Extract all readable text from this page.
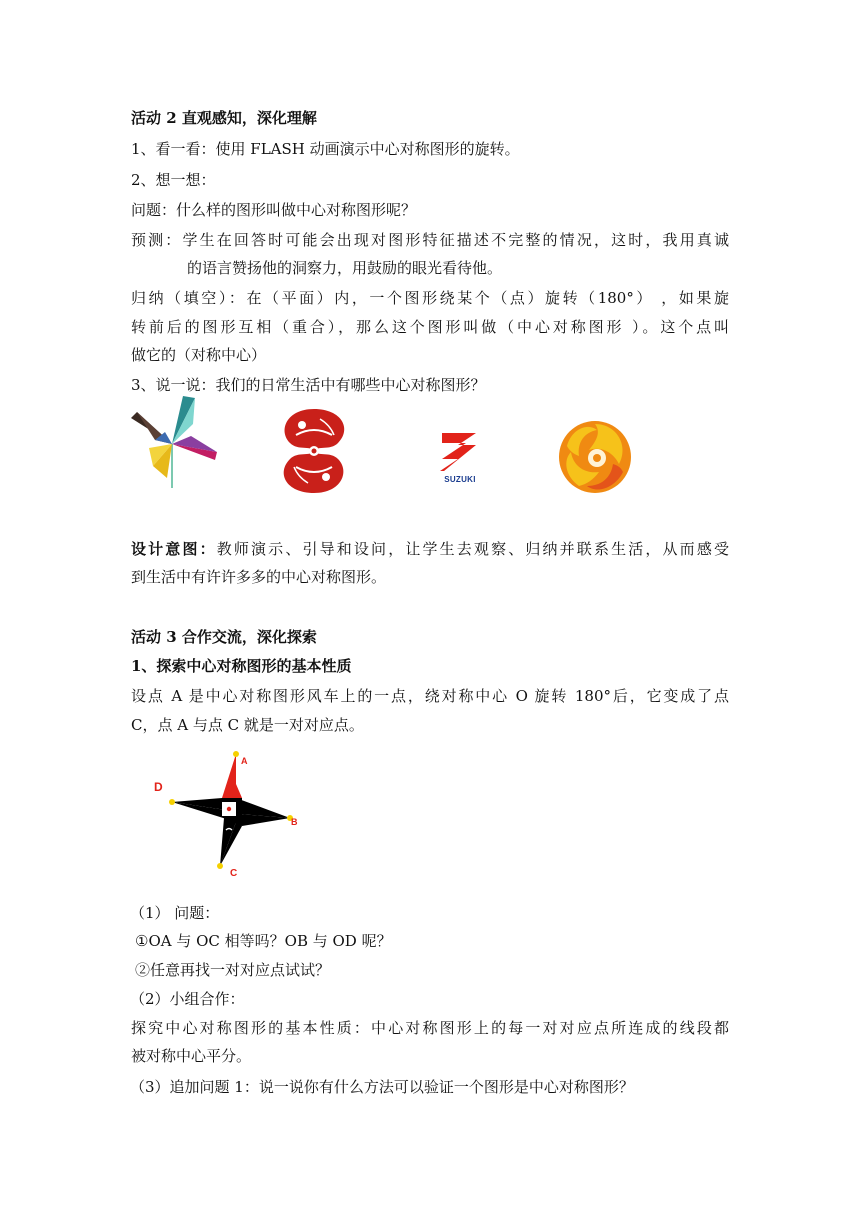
活动 2 直观感知，深化理解
1、看一看：使用 FLASH 动画演示中心对称图形的旋转。
2、想一想：
问题：什么样的图形叫做中心对称图形呢？
预测：学生在回答时可能会出现对图形特征描述不完整的情况，这时，我用真诚
的语言赞扬他的洞察力，用鼓励的眼光看待他。
归纳（填空）：在（平面）内，一个图形绕某个（点）旋转（180°） ，如果旋
转前后的图形互相（重合），那么这个图形叫做（中心对称图形 ）。这个点叫
做它的（对称中心）
3、说一说：我们的日常生活中有哪些中心对称图形？
SUZUKI
设计意图：教师演示、引导和设问，让学生去观察、归纳并联系生活，从而感受
到生活中有许许多多的中心对称图形。
活动 3 合作交流，深化探索
1、探索中心对称图形的基本性质
设点 A 是中心对称图形风车上的一点，绕对称中心 O 旋转 180°后，它变成了点
C，点 A 与点 C 就是一对对应点。
A
D
B
C
（1） 问题：
①OA 与 OC 相等吗？OB 与 OD 呢？
②任意再找一对对应点试试？
（2）小组合作：
探究中心对称图形的基本性质：中心对称图形上的每一对对应点所连成的线段都
被对称中心平分。
（3）追加问题 1：说一说你有什么方法可以验证一个图形是中心对称图形？
